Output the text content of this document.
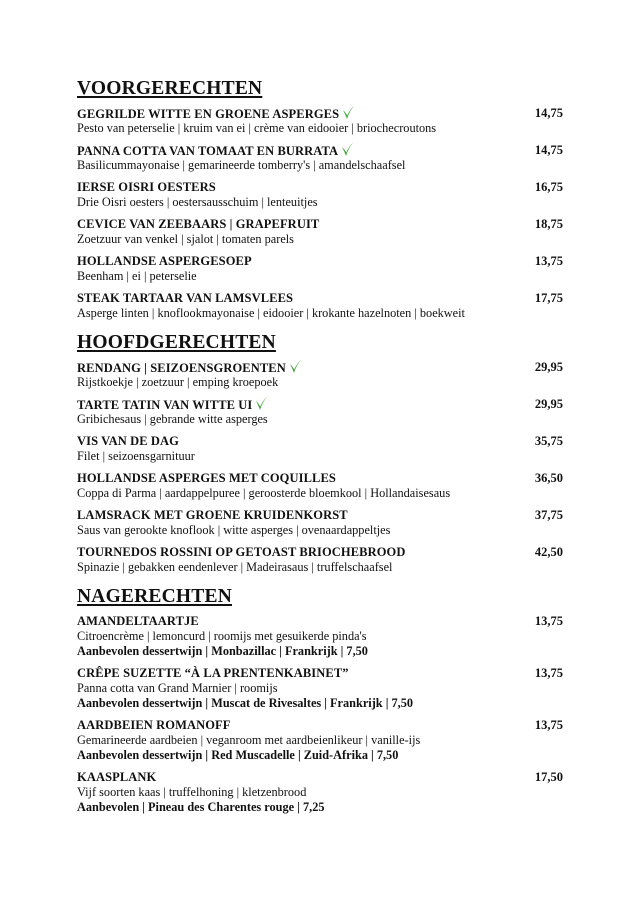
VOORGERECHTEN
GEGRILDE WITTE EN GROENE ASPERGES	14,75
Pesto van peterselie | kruim van ei | crème van eidooier | briochecroutons
PANNA COTTA VAN TOMAAT EN BURRATA	14,75
Basilicummayonaise | gemarineerde tomberry's | amandelschaafsel
IERSE OISRI OESTERS	16,75
Drie Oisri oesters | oestersausschuim | lenteuitjes
CEVICE VAN ZEEBAARS | GRAPEFRUIT	18,75
Zoetzuur van venkel | sjalot | tomaten parels
HOLLANDSE ASPERGESOEP	13,75
Beenham | ei | peterselie
STEAK TARTAAR VAN LAMSVLEES	17,75
Asperge linten | knoflookmayonaise | eidooier | krokante hazelnoten | boekweit
HOOFDGERECHTEN
RENDANG | SEIZOENSGROENTEN	29,95
Rijstkoekje | zoetzuur | emping kroepoek
TARTE TATIN VAN WITTE UI	29,95
Gribichesaus | gebrande witte asperges
VIS VAN DE DAG	35,75
Filet | seizoensgarnituur
HOLLANDSE ASPERGES MET COQUILLES	36,50
Coppa di Parma | aardappelpuree | geroosterde bloemkool | Hollandaisesaus
LAMSRACK MET GROENE KRUIDENKORST	37,75
Saus van gerookte knoflook | witte asperges | ovenaardappeltjes
TOURNEDOS ROSSINI OP GETOAST BRIOCHEBROOD	42,50
Spinazie | gebakken eendenlever | Madeirasaus | truffelschaafsel
NAGERECHTEN
AMANDELTAARTJE	13,75
Citroencrème | lemoncurd | roomijs met gesuikerde pinda's
Aanbevolen dessertwijn | Monbazillac | Frankrijk | 7,50
CRÊPE SUZETTE “À LA PRENTENKABINET”	13,75
Panna cotta van Grand Marnier | roomijs
Aanbevolen dessertwijn | Muscat de Rivesaltes | Frankrijk | 7,50
AARDBEIEN ROMANOFF	13,75
Gemarineerde aardbeien | veganroom met aardbeienlikeur | vanille-ijs
Aanbevolen dessertwijn | Red Muscadelle | Zuid-Afrika | 7,50
KAASPLANK	17,50
Vijf soorten kaas | truffelhoning | kletzenbrood
Aanbevolen | Pineau des Charentes rouge | 7,25
